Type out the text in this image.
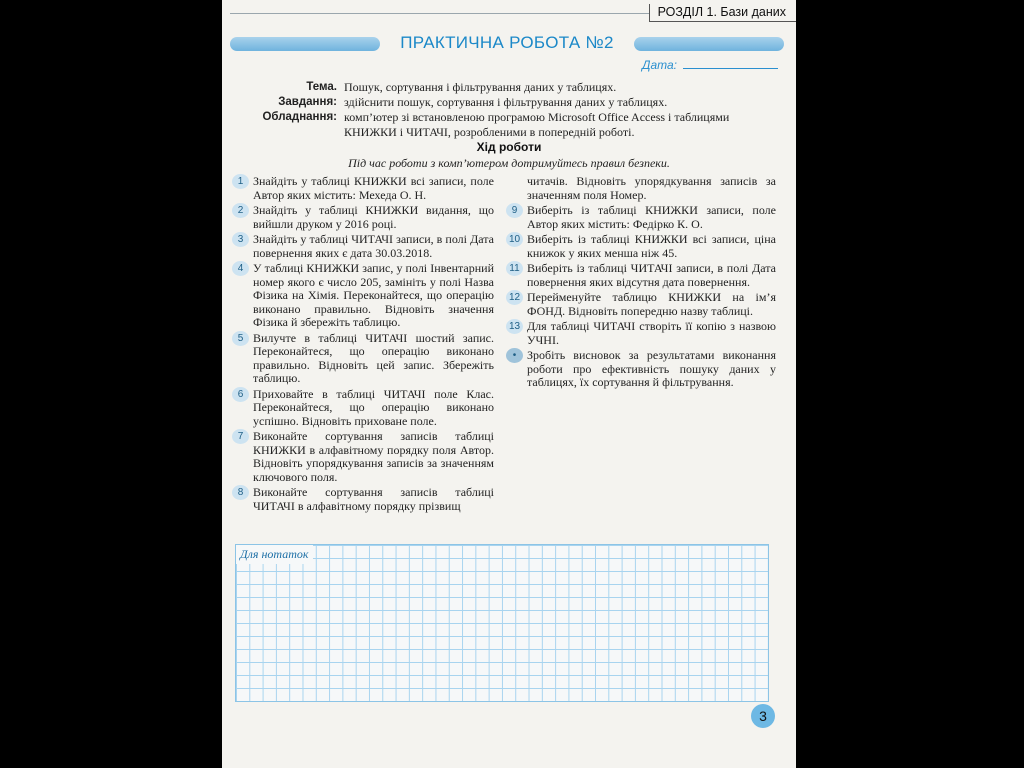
РОЗДІЛ 1. Бази даних
ПРАКТИЧНА РОБОТА №2
Дата:
Тема. Пошук, сортування і фільтрування даних у таблицях.
Завдання: здійснити пошук, сортування і фільтрування даних у таблицях.
Обладнання: комп’ютер зі встановленою програмою Microsoft Office Access і таблицями КНИЖКИ і ЧИТАЧІ, розробленими в попередній роботі.
Хід роботи
Під час роботи з комп’ютером дотримуйтесь правил безпеки.
1 Знайдіть у таблиці КНИЖКИ всі записи, поле Автор яких містить: Мехеда О. Н.
2 Знайдіть у таблиці КНИЖКИ видання, що вийшли друком у 2016 році.
3 Знайдіть у таблиці ЧИТАЧІ записи, в полі Дата повернення яких є дата 30.03.2018.
4 У таблиці КНИЖКИ запис, у полі Інвентарний номер якого є число 205, замініть у полі Назва Фізика на Хімія. Переконайтеся, що операцію виконано правильно. Відновіть значення Фізика й збережіть таблицю.
5 Вилучте в таблиці ЧИТАЧІ шостий запис. Переконайтеся, що операцію виконано правильно. Відновіть цей запис. Збережіть таблицю.
6 Приховайте в таблиці ЧИТАЧІ поле Клас. Переконайтеся, що операцію виконано успішно. Відновіть приховане поле.
7 Виконайте сортування записів таблиці КНИЖКИ в алфавітному порядку поля Автор. Відновіть упорядкування записів за значенням ключового поля.
8 Виконайте сортування записів таблиці ЧИТАЧІ в алфавітному порядку прізвищ
читачів. Відновіть упорядкування записів за значенням поля Номер.
9 Виберіть із таблиці КНИЖКИ записи, поле Автор яких містить: Федірко К. О.
10 Виберіть із таблиці КНИЖКИ всі записи, ціна книжок у яких менша ніж 45.
11 Виберіть із таблиці ЧИТАЧІ записи, в полі Дата повернення яких відсутня дата повернення.
12 Перейменуйте таблицю КНИЖКИ на ім’я ФОНД. Відновіть попередню назву таблиці.
13 Для таблиці ЧИТАЧІ створіть її копію з назвою УЧНІ.
• Зробіть висновок за результатами виконання роботи про ефективність пошуку даних у таблицях, їх сортування й фільтрування.
Для нотаток
3
